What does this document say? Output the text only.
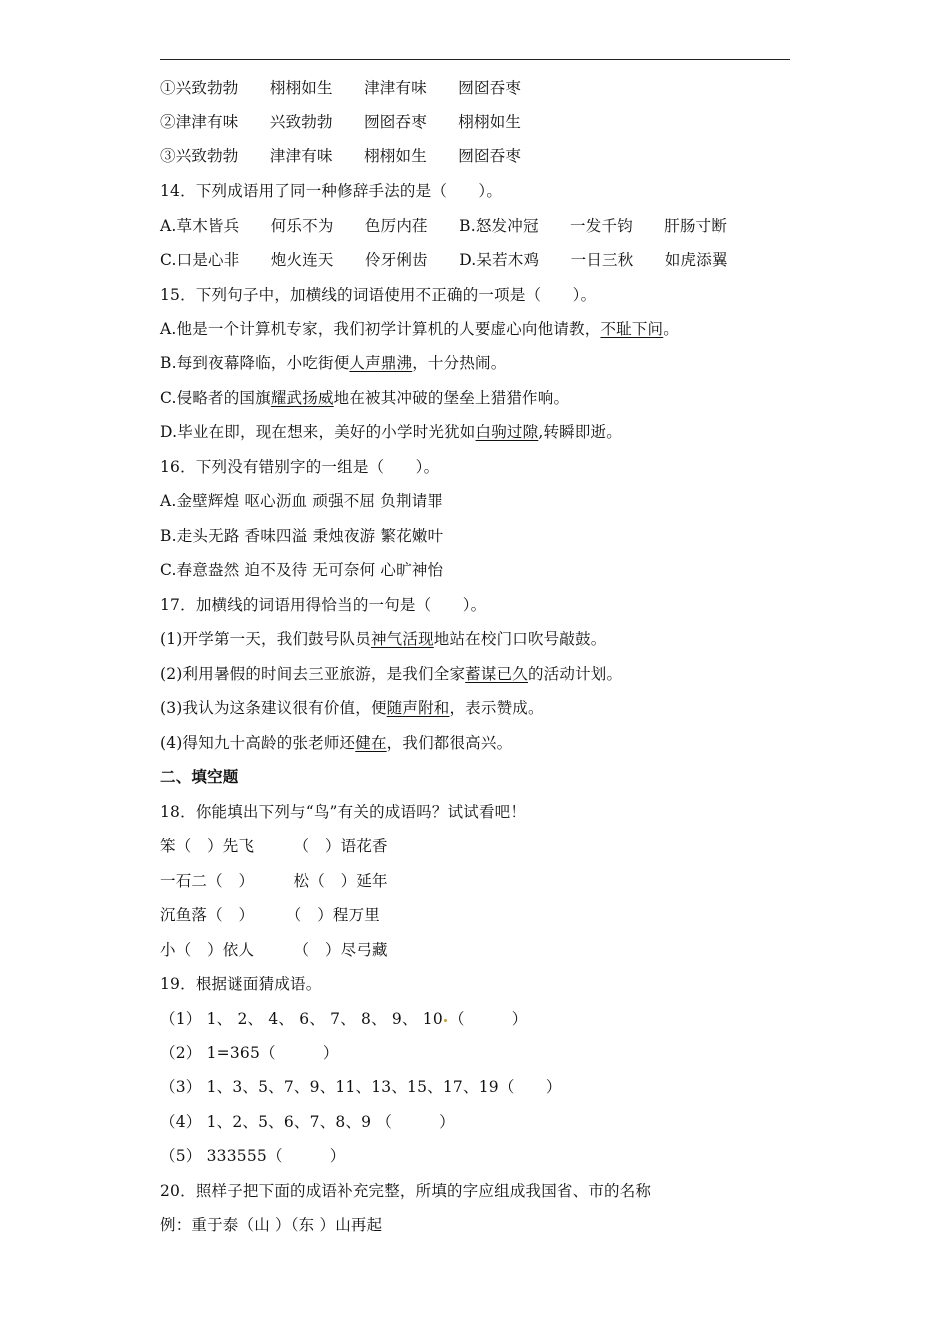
①兴致勃勃　　栩栩如生　　津津有味　　囫囵吞枣
②津津有味　　兴致勃勃　　囫囵吞枣　　栩栩如生
③兴致勃勃　　津津有味　　栩栩如生　　囫囵吞枣
14．下列成语用了同一种修辞手法的是（　　）。
A.草木皆兵　　何乐不为　　色厉内荏　　B.怒发冲冠　　一发千钧　　肝肠寸断
C.口是心非　　炮火连天　　伶牙俐齿　　D.呆若木鸡　　一日三秋　　如虎添翼
15．下列句子中，加横线的词语使用不正确的一项是（　　）。
A.他是一个计算机专家，我们初学计算机的人要虚心向他请教，不耻下问。
B.每到夜幕降临，小吃街便人声鼎沸，十分热闹。
C.侵略者的国旗耀武扬威地在被其冲破的堡垒上猎猎作响。
D.毕业在即，现在想来，美好的小学时光犹如白驹过隙,转瞬即逝。
16．下列没有错别字的一组是（　　）。
A.金壁辉煌 呕心沥血 顽强不屈 负荆请罪
B.走头无路 香味四溢 秉烛夜游 繁花嫩叶
C.春意盎然 迫不及待 无可奈何 心旷神怡
17．加横线的词语用得恰当的一句是（　　）。
(1)开学第一天，我们鼓号队员神气活现地站在校门口吹号敲鼓。
(2)利用暑假的时间去三亚旅游，是我们全家蓄谋已久的活动计划。
(3)我认为这条建议很有价值，便随声附和，表示赞成。
(4)得知九十高龄的张老师还健在，我们都很高兴。
二、填空题
18．你能填出下列与“鸟”有关的成语吗？试试看吧！
笨（　）先飞　　　（　）语花香
一石二（　）　　　松（　）延年
沉鱼落（　）　　　（　）程万里
小（　）依人　　　（　）尽弓藏
19．根据谜面猜成语。
（1） 1、 2、 4、 6、 7、 8、 9、 10 （　　　）
（2） 1=365（　　　）
（3） 1、3、5、7、9、11、13、15、17、19（　　）
（4） 1、2、5、6、7、8、9 （　　　）
（5） 333555（　　　）
20．照样子把下面的成语补充完整，所填的字应组成我国省、市的名称
例：重于泰（山 ）（东 ）山再起
